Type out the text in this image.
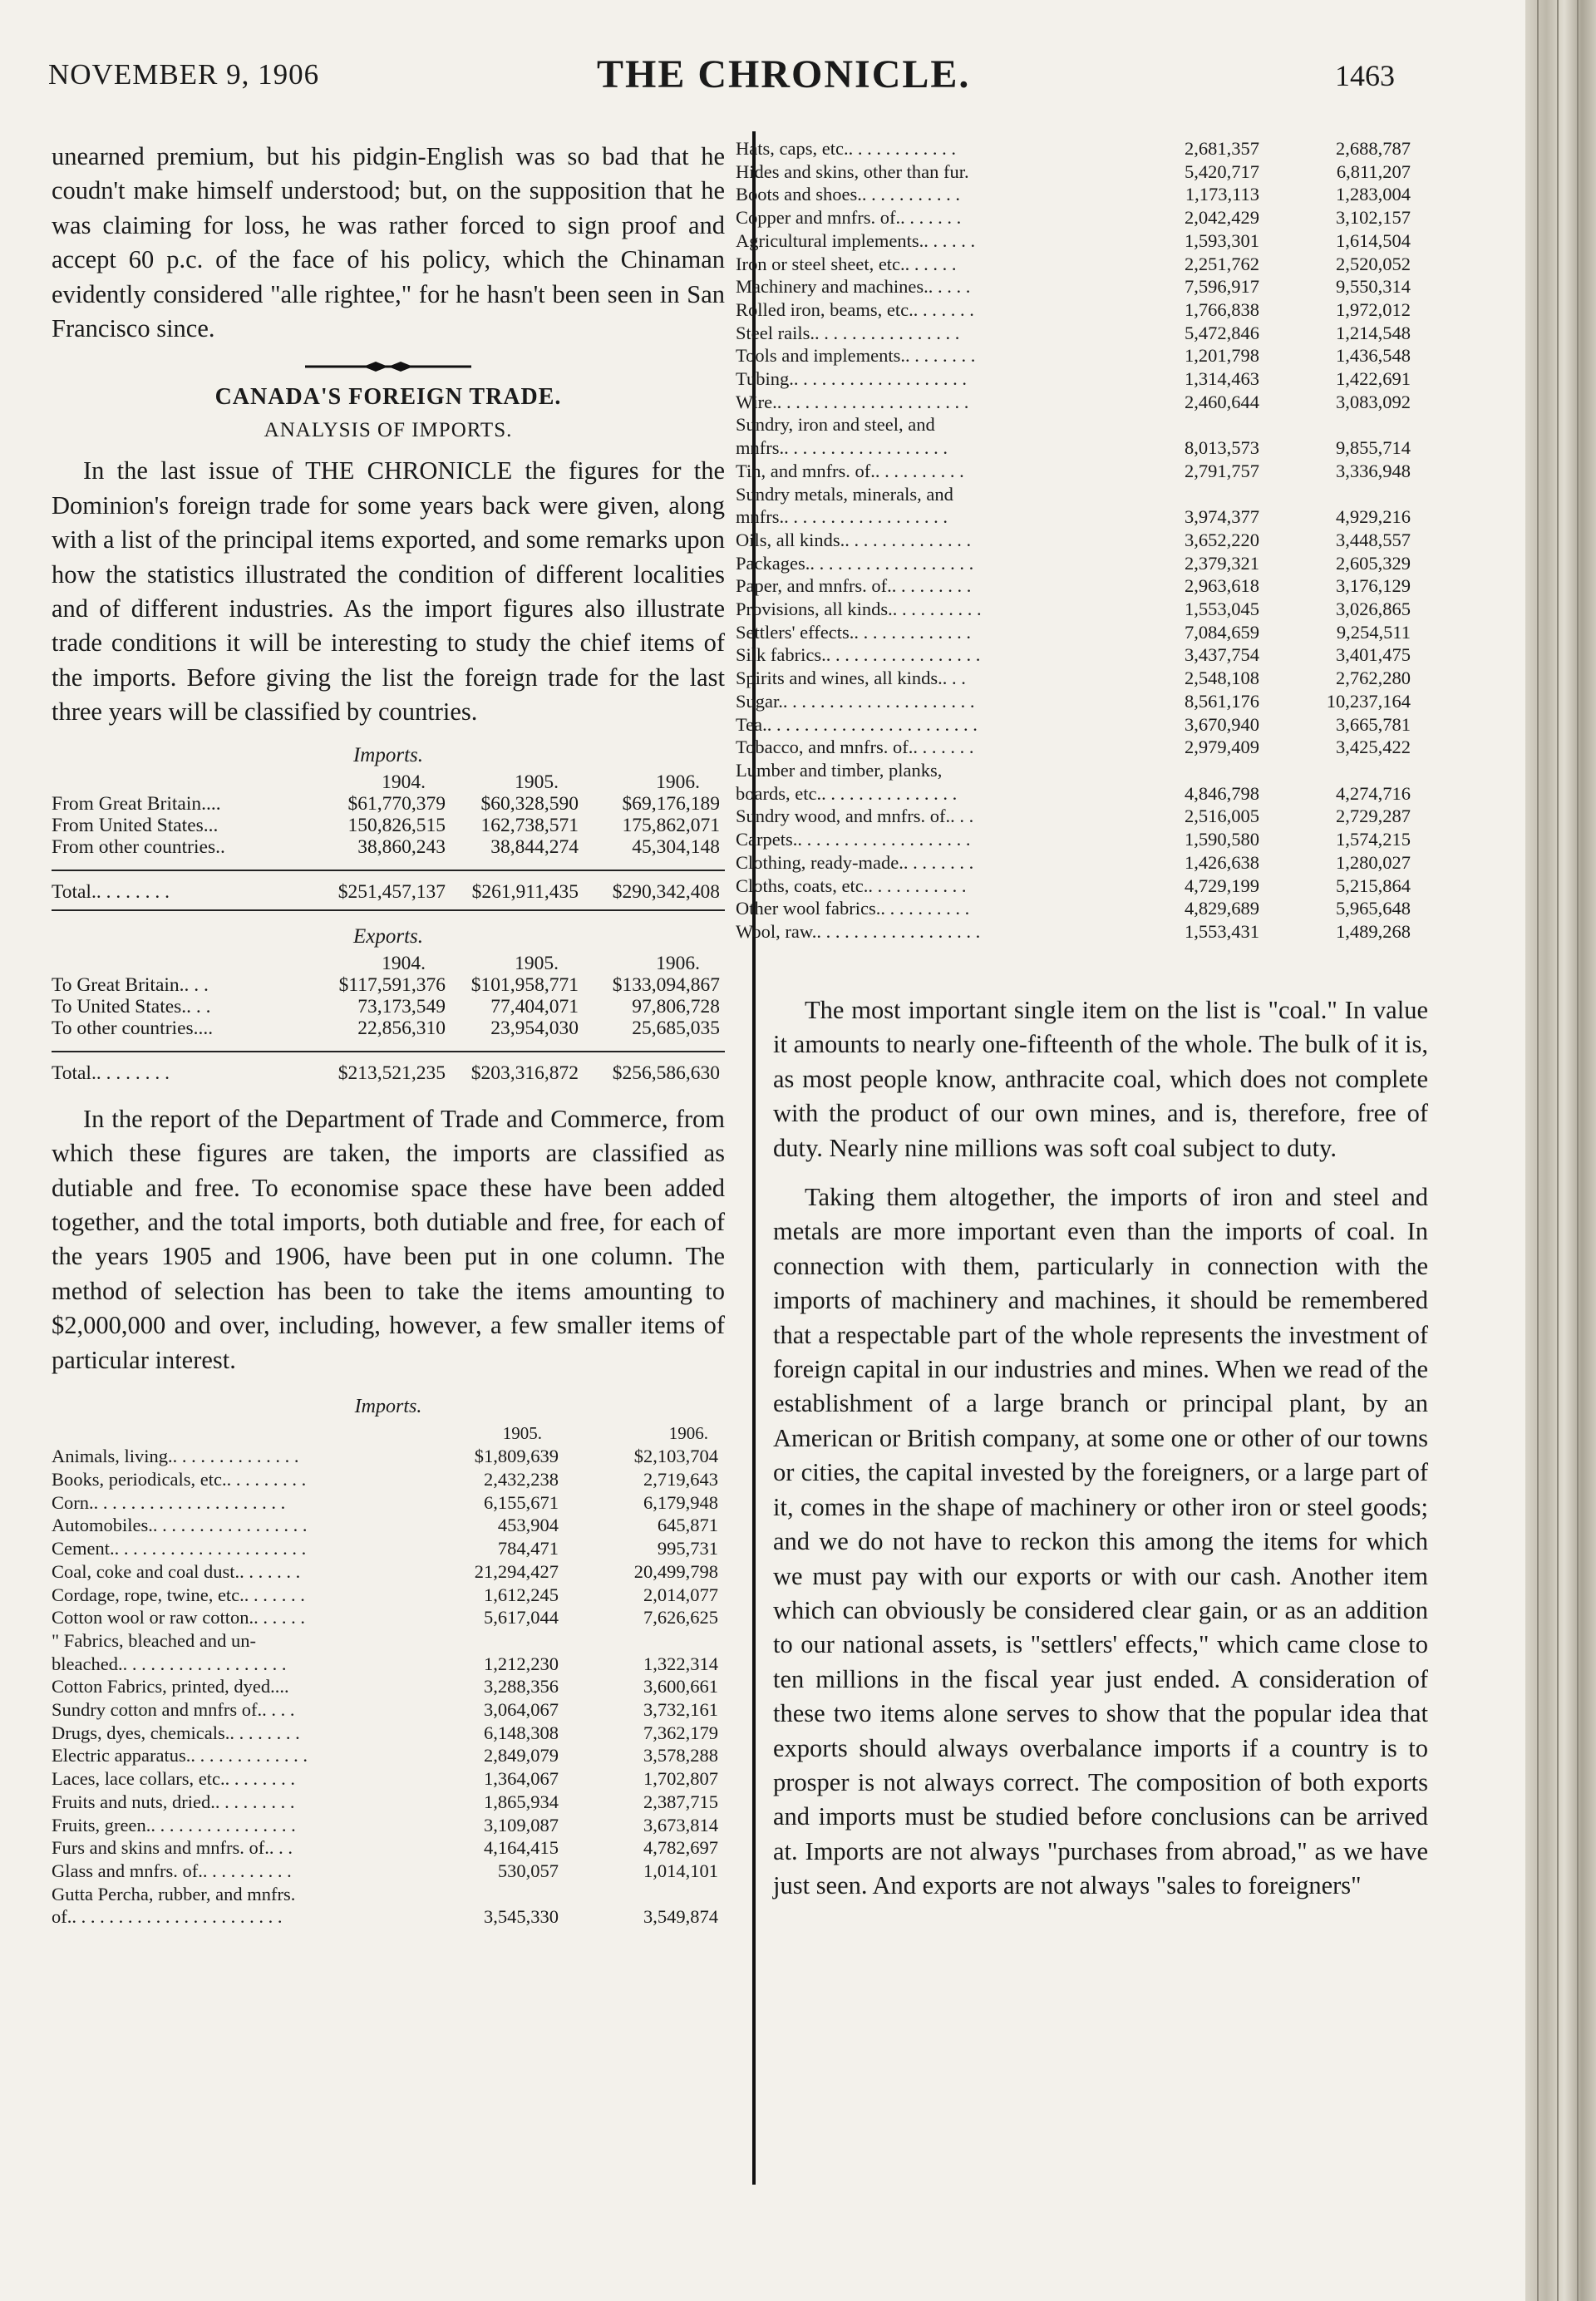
NOVEMBER 9, 1906	THE CHRONICLE.	1463

unearned premium, but his pidgin-English was so bad that he coudn't make himself understood; but, on the supposition that he was claiming for loss, he was rather forced to sign proof and accept 60 p.c. of the face of his policy, which the Chinaman evidently considered "alle rightee," for he hasn't been seen in San Francisco since.

CANADA'S FOREIGN TRADE.
ANALYSIS OF IMPORTS.

In the last issue of THE CHRONICLE the figures for the Dominion's foreign trade for some years back were given, along with a list of the principal items exported, and some remarks upon how the statistics illustrated the condition of different localities and of different industries. As the import figures also illustrate trade conditions it will be interesting to study the chief items of the imports. Before giving the list the foreign trade for the last three years will be classified by countries.

Imports.
1904.	1905.	1906.
From Great Britain....	$61,770,379	$60,328,590	$69,176,189
From United States...	150,826,515	162,738,571	175,862,071
From other countries..	38,860,243	38,844,274	45,304,148
Total.. . . . . . . .	$251,457,137	$261,911,435	$290,342,408
Exports.
1904.	1905.	1906.
To Great Britain.. . .	$117,591,376	$101,958,771	$133,094,867
To United States.. . .	73,173,549	77,404,071	97,806,728
To other countries....	22,856,310	23,954,030	25,685,035
Total.. . . . . . . .	$213,521,235	$203,316,872	$256,586,630

In the report of the Department of Trade and Commerce, from which these figures are taken, the imports are classified as dutiable and free. To economise space these have been added together, and the total imports, both dutiable and free, for each of the years 1905 and 1906, have been put in one column. The method of selection has been to take the items amounting to $2,000,000 and over, including, however, a few smaller items of particular interest.

Imports.
1905.	1906.
Animals, living.. . . . . . . . . . . . . .	$1,809,639	$2,103,704
Books, periodicals, etc.. . . . . . . . .	2,432,238	2,719,643
Corn.. . . . . . . . . . . . . . . . . . . . .	6,155,671	6,179,948
Automobiles.. . . . . . . . . . . . . . . . .	453,904	645,871
Cement.. . . . . . . . . . . . . . . . . . . . .	784,471	995,731
Coal, coke and coal dust.. . . . . . .	21,294,427	20,499,798
Cordage, rope, twine, etc.. . . . . . .	1,612,245	2,014,077
Cotton wool or raw cotton.. . . . . .	5,617,044	7,626,625
" Fabrics, bleached and un-
bleached.. . . . . . . . . . . . . . . . . .	1,212,230	1,322,314
Cotton Fabrics, printed, dyed....	3,288,356	3,600,661
Sundry cotton and mnfrs of.. . . .	3,064,067	3,732,161
Drugs, dyes, chemicals.. . . . . . . .	6,148,308	7,362,179
Electric apparatus.. . . . . . . . . . . . .	2,849,079	3,578,288
Laces, lace collars, etc.. . . . . . . .	1,364,067	1,702,807
Fruits and nuts, dried.. . . . . . . . .	1,865,934	2,387,715
Fruits, green.. . . . . . . . . . . . . . . .	3,109,087	3,673,814
Furs and skins and mnfrs. of.. . .	4,164,415	4,782,697
Glass and mnfrs. of.. . . . . . . . . .	530,057	1,014,101
Gutta Percha, rubber, and mnfrs.
of.. . . . . . . . . . . . . . . . . . . . . . .	3,545,330	3,549,874
Hats, caps, etc.. . . . . . . . . . . .	2,681,357	2,688,787
Hides and skins, other than fur.	5,420,717	6,811,207
Boots and shoes.. . . . . . . . . . .	1,173,113	1,283,004
Copper and mnfrs. of.. . . . . . .	2,042,429	3,102,157
Agricultural implements.. . . . . .	1,593,301	1,614,504
Iron or steel sheet, etc.. . . . . .	2,251,762	2,520,052
Machinery and machines.. . . . .	7,596,917	9,550,314
Rolled iron, beams, etc.. . . . . . .	1,766,838	1,972,012
Steel rails.. . . . . . . . . . . . . . . .	5,472,846	1,214,548
Tools and implements.. . . . . . . .	1,201,798	1,436,548
Tubing.. . . . . . . . . . . . . . . . . . .	1,314,463	1,422,691
Wire.. . . . . . . . . . . . . . . . . . . . .	2,460,644	3,083,092
Sundry, iron and steel, and
mnfrs.. . . . . . . . . . . . . . . . . .	8,013,573	9,855,714
Tin, and mnfrs. of.. . . . . . . . . .	2,791,757	3,336,948
Sundry metals, minerals, and
mnfrs.. . . . . . . . . . . . . . . . . .	3,974,377	4,929,216
Oils, all kinds.. . . . . . . . . . . . . .	3,652,220	3,448,557
Packages.. . . . . . . . . . . . . . . . . .	2,379,321	2,605,329
Paper, and mnfrs. of.. . . . . . . . .	2,963,618	3,176,129
Provisions, all kinds.. . . . . . . . . .	1,553,045	3,026,865
Settlers' effects.. . . . . . . . . . . . .	7,084,659	9,254,511
Silk fabrics.. . . . . . . . . . . . . . . . .	3,437,754	3,401,475
Spirits and wines, all kinds.. . .	2,548,108	2,762,280
Sugar.. . . . . . . . . . . . . . . . . . . . .	8,561,176	10,237,164
Tea.. . . . . . . . . . . . . . . . . . . . . . .	3,670,940	3,665,781
Tobacco, and mnfrs. of.. . . . . . .	2,979,409	3,425,422
Lumber and timber, planks,
boards, etc.. . . . . . . . . . . . . . .	4,846,798	4,274,716
Sundry wood, and mnfrs. of.. . .	2,516,005	2,729,287
Carpets.. . . . . . . . . . . . . . . . . . .	1,590,580	1,574,215
Clothing, ready-made.. . . . . . . .	1,426,638	1,280,027
Cloths, coats, etc.. . . . . . . . . . .	4,729,199	5,215,864
Other wool fabrics.. . . . . . . . . .	4,829,689	5,965,648
Wool, raw.. . . . . . . . . . . . . . . . . .	1,553,431	1,489,268

The most important single item on the list is "coal." In value it amounts to nearly one-fifteenth of the whole. The bulk of it is, as most people know, anthracite coal, which does not complete with the product of our own mines, and is, therefore, free of duty. Nearly nine millions was soft coal subject to duty.

Taking them altogether, the imports of iron and steel and metals are more important even than the imports of coal. In connection with them, particularly in connection with the imports of machinery and machines, it should be remembered that a respectable part of the whole represents the investment of foreign capital in our industries and mines. When we read of the establishment of a large branch or principal plant, by an American or British company, at some one or other of our towns or cities, the capital invested by the foreigners, or a large part of it, comes in the shape of machinery or other iron or steel goods; and we do not have to reckon this among the items for which we must pay with our exports or with our cash. Another item which can obviously be considered clear gain, or as an addition to our national assets, is "settlers' effects," which came close to ten millions in the fiscal year just ended. A consideration of these two items alone serves to show that the popular idea that exports should always overbalance imports if a country is to prosper is not always correct. The composition of both exports and imports must be studied before conclusions can be arrived at. Imports are not always "purchases from abroad," as we have just seen. And exports are not always "sales to foreigners"
